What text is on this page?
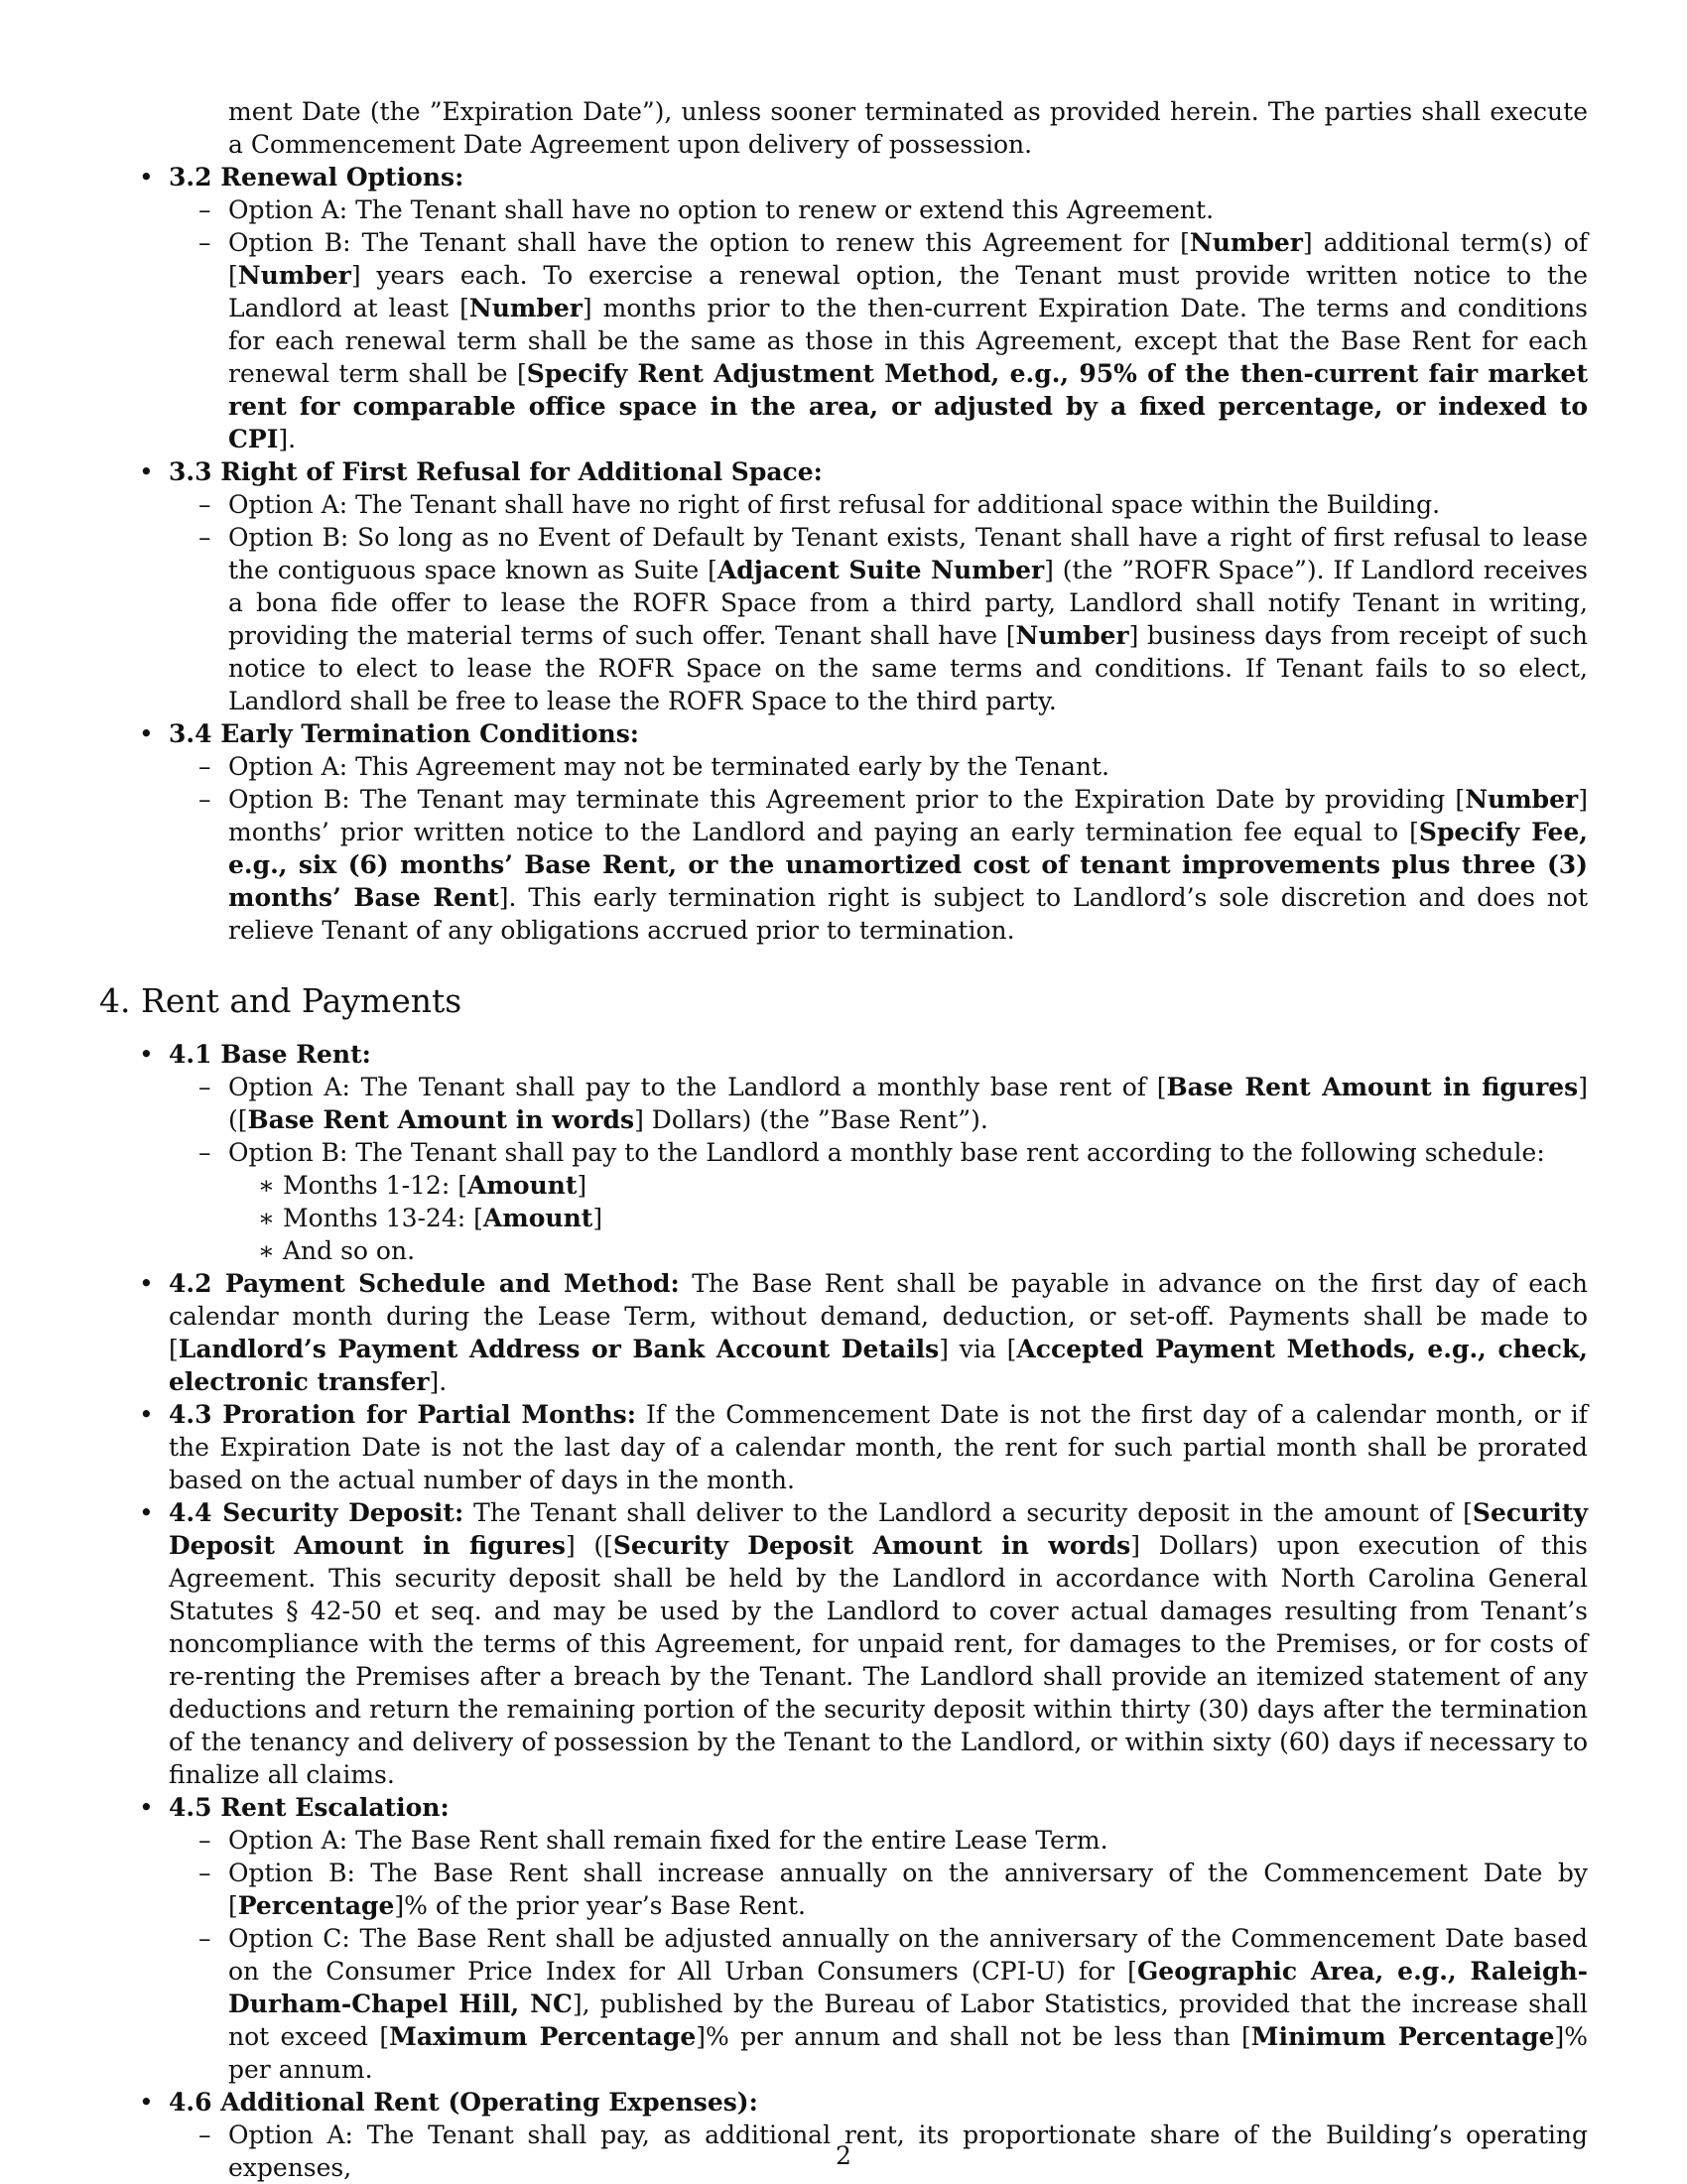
ment Date (the ”Expiration Date”), unless sooner terminated as provided herein. The parties shall execute a Commencement Date Agreement upon delivery of possession.
• 3.2 Renewal Options:
– Option A: The Tenant shall have no option to renew or extend this Agreement.
– Option B: The Tenant shall have the option to renew this Agreement for [Number] additional term(s) of [Number] years each. To exercise a renewal option, the Tenant must provide written notice to the Landlord at least [Number] months prior to the then-current Expiration Date. The terms and conditions for each renewal term shall be the same as those in this Agreement, except that the Base Rent for each renewal term shall be [Specify Rent Adjustment Method, e.g., 95% of the then-current fair market rent for comparable office space in the area, or adjusted by a fixed percentage, or indexed to CPI].
• 3.3 Right of First Refusal for Additional Space:
– Option A: The Tenant shall have no right of first refusal for additional space within the Building.
– Option B: So long as no Event of Default by Tenant exists, Tenant shall have a right of first refusal to lease the contiguous space known as Suite [Adjacent Suite Number] (the ”ROFR Space”). If Landlord receives a bona fide offer to lease the ROFR Space from a third party, Landlord shall notify Tenant in writing, providing the material terms of such offer. Tenant shall have [Number] business days from receipt of such notice to elect to lease the ROFR Space on the same terms and conditions. If Tenant fails to so elect, Landlord shall be free to lease the ROFR Space to the third party.
• 3.4 Early Termination Conditions:
– Option A: This Agreement may not be terminated early by the Tenant.
– Option B: The Tenant may terminate this Agreement prior to the Expiration Date by providing [Number] months’ prior written notice to the Landlord and paying an early termination fee equal to [Specify Fee, e.g., six (6) months’ Base Rent, or the unamortized cost of tenant improvements plus three (3) months’ Base Rent]. This early termination right is subject to Landlord’s sole discretion and does not relieve Tenant of any obligations accrued prior to termination.
4. Rent and Payments
• 4.1 Base Rent:
– Option A: The Tenant shall pay to the Landlord a monthly base rent of [Base Rent Amount in figures] ([Base Rent Amount in words] Dollars) (the ”Base Rent”).
– Option B: The Tenant shall pay to the Landlord a monthly base rent according to the following schedule:
∗ Months 1-12: [Amount]
∗ Months 13-24: [Amount]
∗ And so on.
• 4.2 Payment Schedule and Method: The Base Rent shall be payable in advance on the first day of each calendar month during the Lease Term, without demand, deduction, or set-off. Payments shall be made to [Landlord’s Payment Address or Bank Account Details] via [Accepted Payment Methods, e.g., check, electronic transfer].
• 4.3 Proration for Partial Months: If the Commencement Date is not the first day of a calendar month, or if the Expiration Date is not the last day of a calendar month, the rent for such partial month shall be prorated based on the actual number of days in the month.
• 4.4 Security Deposit: The Tenant shall deliver to the Landlord a security deposit in the amount of [Security Deposit Amount in figures] ([Security Deposit Amount in words] Dollars) upon execution of this Agreement. This security deposit shall be held by the Landlord in accordance with North Carolina General Statutes § 42-50 et seq. and may be used by the Landlord to cover actual damages resulting from Tenant’s noncompliance with the terms of this Agreement, for unpaid rent, for damages to the Premises, or for costs of re-renting the Premises after a breach by the Tenant. The Landlord shall provide an itemized statement of any deductions and return the remaining portion of the security deposit within thirty (30) days after the termination of the tenancy and delivery of possession by the Tenant to the Landlord, or within sixty (60) days if necessary to finalize all claims.
• 4.5 Rent Escalation:
– Option A: The Base Rent shall remain fixed for the entire Lease Term.
– Option B: The Base Rent shall increase annually on the anniversary of the Commencement Date by [Percentage]% of the prior year’s Base Rent.
– Option C: The Base Rent shall be adjusted annually on the anniversary of the Commencement Date based on the Consumer Price Index for All Urban Consumers (CPI-U) for [Geographic Area, e.g., Raleigh-Durham-Chapel Hill, NC], published by the Bureau of Labor Statistics, provided that the increase shall not exceed [Maximum Percentage]% per annum and shall not be less than [Minimum Percentage]% per annum.
• 4.6 Additional Rent (Operating Expenses):
– Option A: The Tenant shall pay, as additional rent, its proportionate share of the Building’s operating expenses,	2
